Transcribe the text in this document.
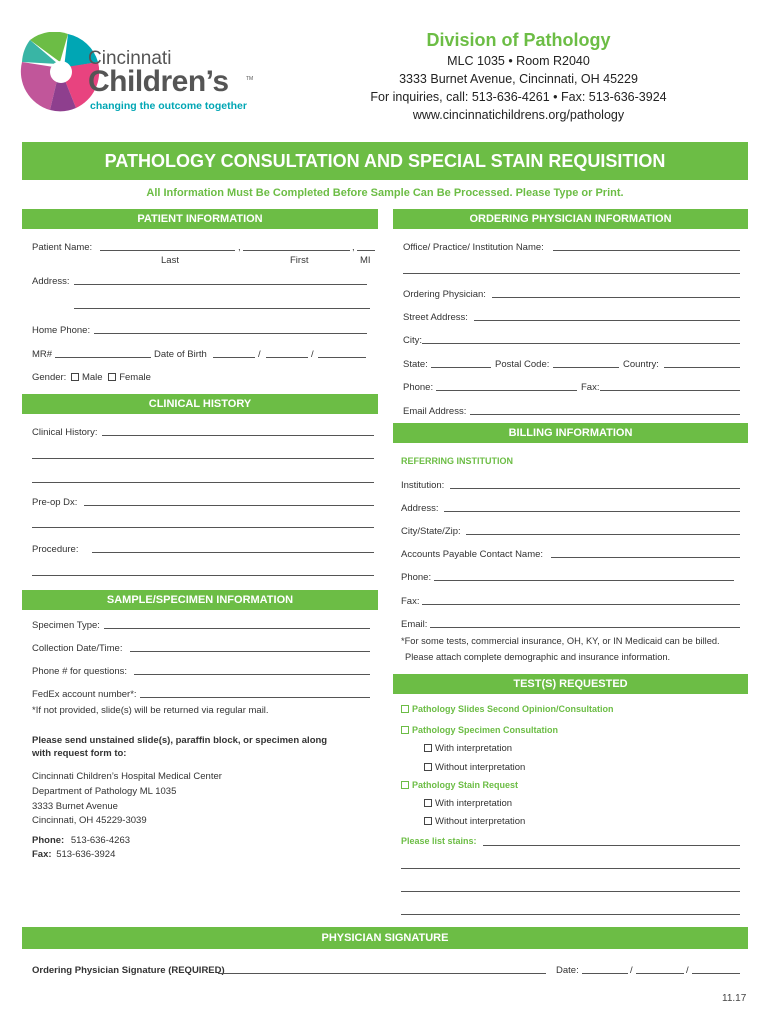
Cincinnati
Children’s	TM
changing the outcome together
Division of Pathology
MLC 1035 • Room R2040
3333 Burnet Avenue, Cincinnati, OH 45229
For inquiries, call: 513-636-4261 • Fax: 513-636-3924
www.cincinnatichildrens.org/pathology
PATHOLOGY CONSULTATION AND SPECIAL STAIN REQUISITION
All Information Must Be Completed Before Sample Can Be Processed. Please Type or Print.
PATIENT INFORMATION
Patient Name:	,	,
Last	First	MI
Address:
Home Phone:
MR#	Date of Birth	/	/
Gender: Male Female
CLINICAL HISTORY
Clinical History:
Pre-op Dx:
Procedure:
SAMPLE/SPECIMEN INFORMATION
Specimen Type:
Collection Date/Time:
Phone # for questions:
FedEx account number*:
*If not provided, slide(s) will be returned via regular mail.
Please send unstained slide(s), paraffin block, or specimen along
with request form to:
Cincinnati Children’s Hospital Medical Center
Department of Pathology ML 1035
3333 Burnet Avenue
Cincinnati, OH 45229-3039
Phone: 513-636-4263
Fax: 513-636-3924
ORDERING PHYSICIAN INFORMATION
Office/ Practice/ Institution Name:
Ordering Physician:
Street Address:
City:
State:	Postal Code:	Country:
Phone:	Fax:
Email Address:
BILLING INFORMATION
REFERRING INSTITUTION
Institution:
Address:
City/State/Zip:
Accounts Payable Contact Name:
Phone:
Fax:
Email:
*For some tests, commercial insurance, OH, KY, or IN Medicaid can be billed.
Please attach complete demographic and insurance information.
TEST(S) REQUESTED
Pathology Slides Second Opinion/Consultation
Pathology Specimen Consultation
With interpretation
Without interpretation
Pathology Stain Request
With interpretation
Without interpretation
Please list stains:
PHYSICIAN SIGNATURE
Ordering Physician Signature (REQUIRED)	Date:	/	/
11.17
